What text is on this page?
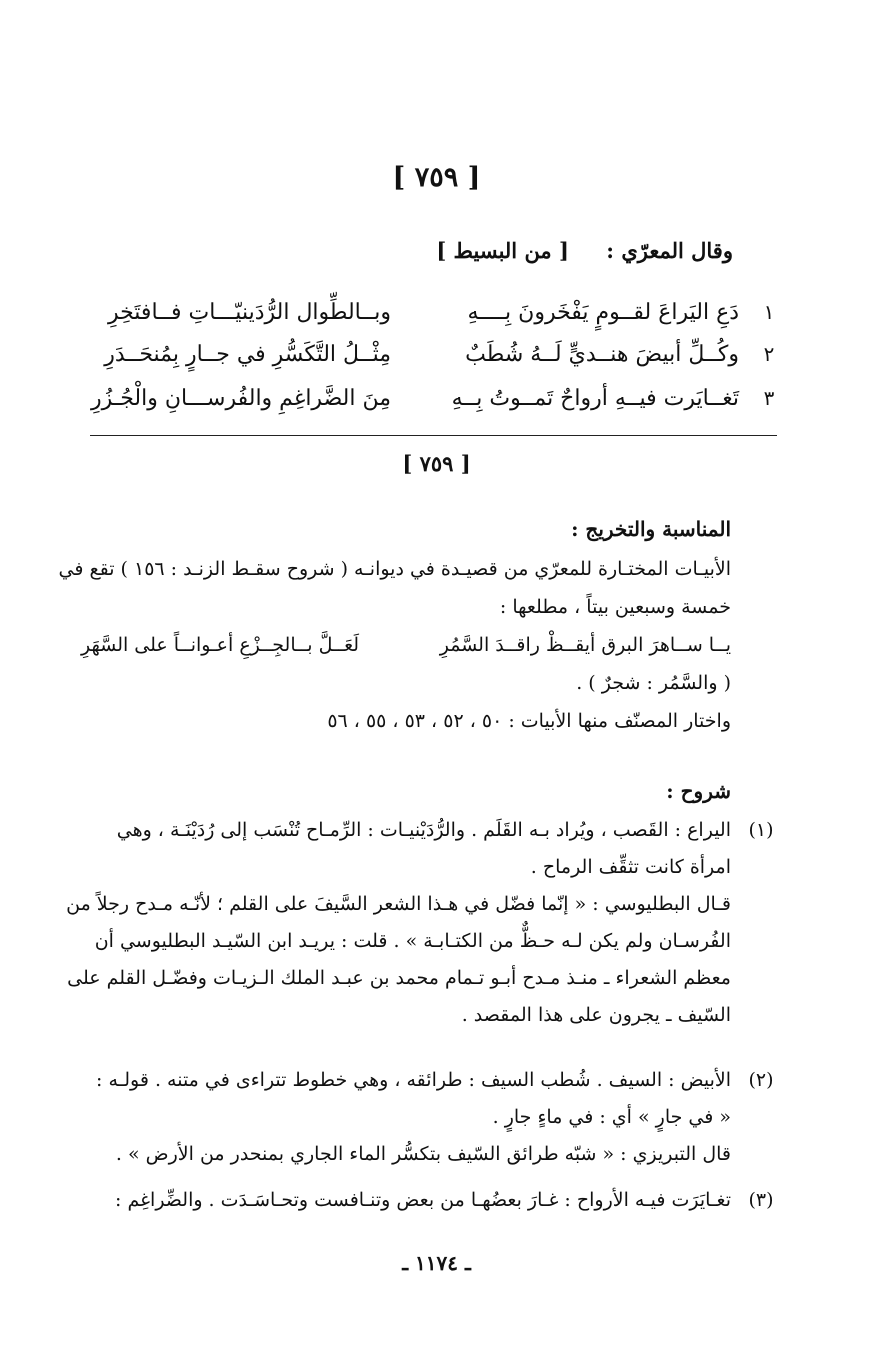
[ ٧٥٩ ]
وقال المعرّي : [ من البسيط ]
١
دَعِ اليَراعَ لقــومٍ يَفْخَرونَ بِــــهِ
وبــالطِّوال الرُّدَينيّـــاتِ فــافتَخِرِ
٢
وكُــلِّ أبيضَ هنــديٍّ لَــهُ شُطَبٌ
مِثْــلُ التَّكَسُّرِ في جــارٍ بِمُنحَــدَرِ
٣
تَغــايَرت فيــهِ أرواحٌ تَمــوتُ بِــهِ
مِنَ الضَّراغِمِ والفُرســـانِ والْجُـزُرِ
[ ٧٥٩ ]
المناسبة والتخريج :
الأبيـات المختـارة للمعرّي من قصيـدة في ديوانـه ( شروح سقـط الزنـد : ١٥٦ ) تقع في
خمسة وسبعين بيتاً ، مطلعها :
يــا ســاهرَ البرق أيقــظْ راقــدَ السَّمُرِ
لَعَــلَّ بــالجِــزْعِ أعـوانــاً على السَّهَرِ
( والسَّمُر : شجرٌ ) .
واختار المصنّف منها الأبيات : ٥٠ ، ٥٢ ، ٥٣ ، ٥٥ ، ٥٦
شروح :
(١)
اليراع : القَصب ، ويُراد بـه القَلَم . والرُّدَيْنيـات : الرِّمـاح تُنْسَب إلى رُدَيْنَـة ، وهي
امرأة كانت تثقِّف الرماح .
قـال البطليوسي : « إنّما فضّل في هـذا الشعر السَّيفَ على القلم ؛ لأنّـه مـدح رجلاً من
الفُرسـان ولم يكن لـه حـظٌّ من الكتـابـة » . قلت : يريـد ابن السّيـد البطليوسي أن
معظم الشعراء ـ منـذ مـدح أبـو تـمام محمد بن عبـد الملك الـزيـات وفضّـل القلم على
السّيف ـ يجرون على هذا المقصد .
(٢)
الأبيض : السيف . شُطب السيف : طرائقه ، وهي خطوط تتراءى في متنه . قولـه :
« في جارٍ » أي : في ماءٍ جارٍ .
قال التبريزي : « شبّه طرائق السّيف بتكسُّر الماء الجاري بمنحدر من الأرض » .
(٣)
تغـايَرَت فيـه الأرواح : غـارَ بعضُهـا من بعض وتنـافست وتحـاسَـدَت . والضِّراغِم :
ـ ١١٧٤ ـ
